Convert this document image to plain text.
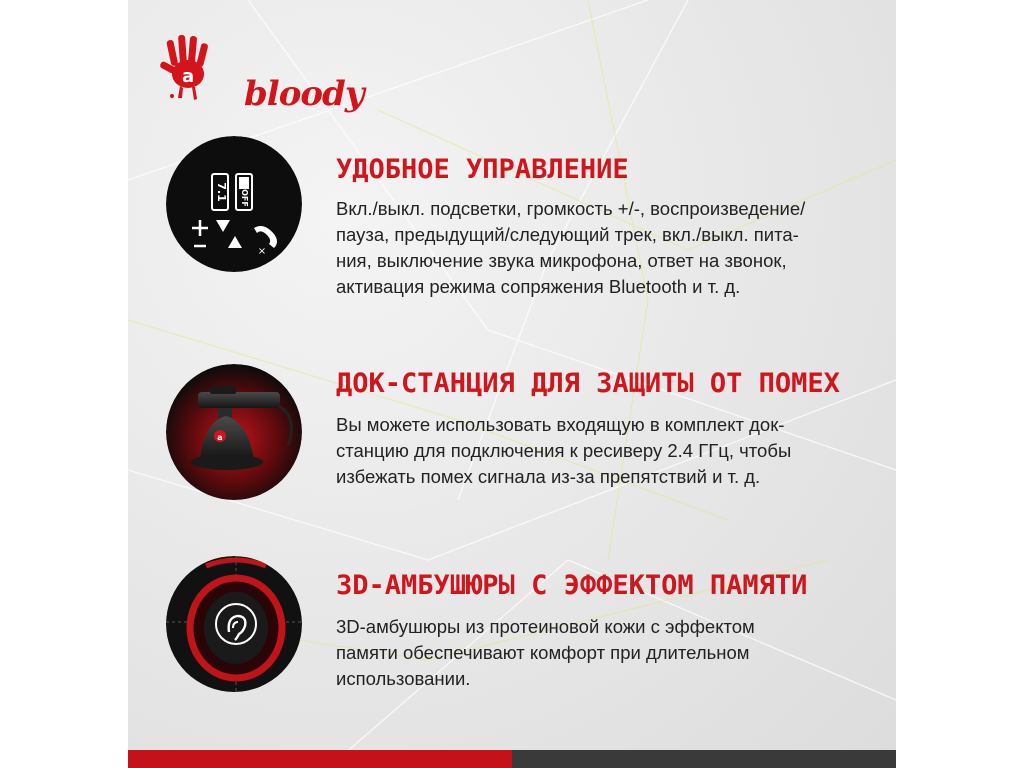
a bloody
7.1 OFF
×
УДОБНОЕ УПРАВЛЕНИЕ
Вкл./выкл. подсветки, громкость +/-, воспроизведение/
пауза, предыдущий/следующий трек, вкл./выкл. пита-
ния, выключение звука микрофона, ответ на звонок,
активация режима сопряжения Bluetooth и т. д.
a
ДОК-СТАНЦИЯ ДЛЯ ЗАЩИТЫ ОТ ПОМЕХ
Вы можете использовать входящую в комплект док-
станцию для подключения к ресиверу 2.4 ГГц, чтобы
избежать помех сигнала из-за препятствий и т. д.
3D-АМБУШЮРЫ С ЭФФЕКТОМ ПАМЯТИ
3D-амбушюры из протеиновой кожи с эффектом
памяти обеспечивают комфорт при длительном
использовании.
